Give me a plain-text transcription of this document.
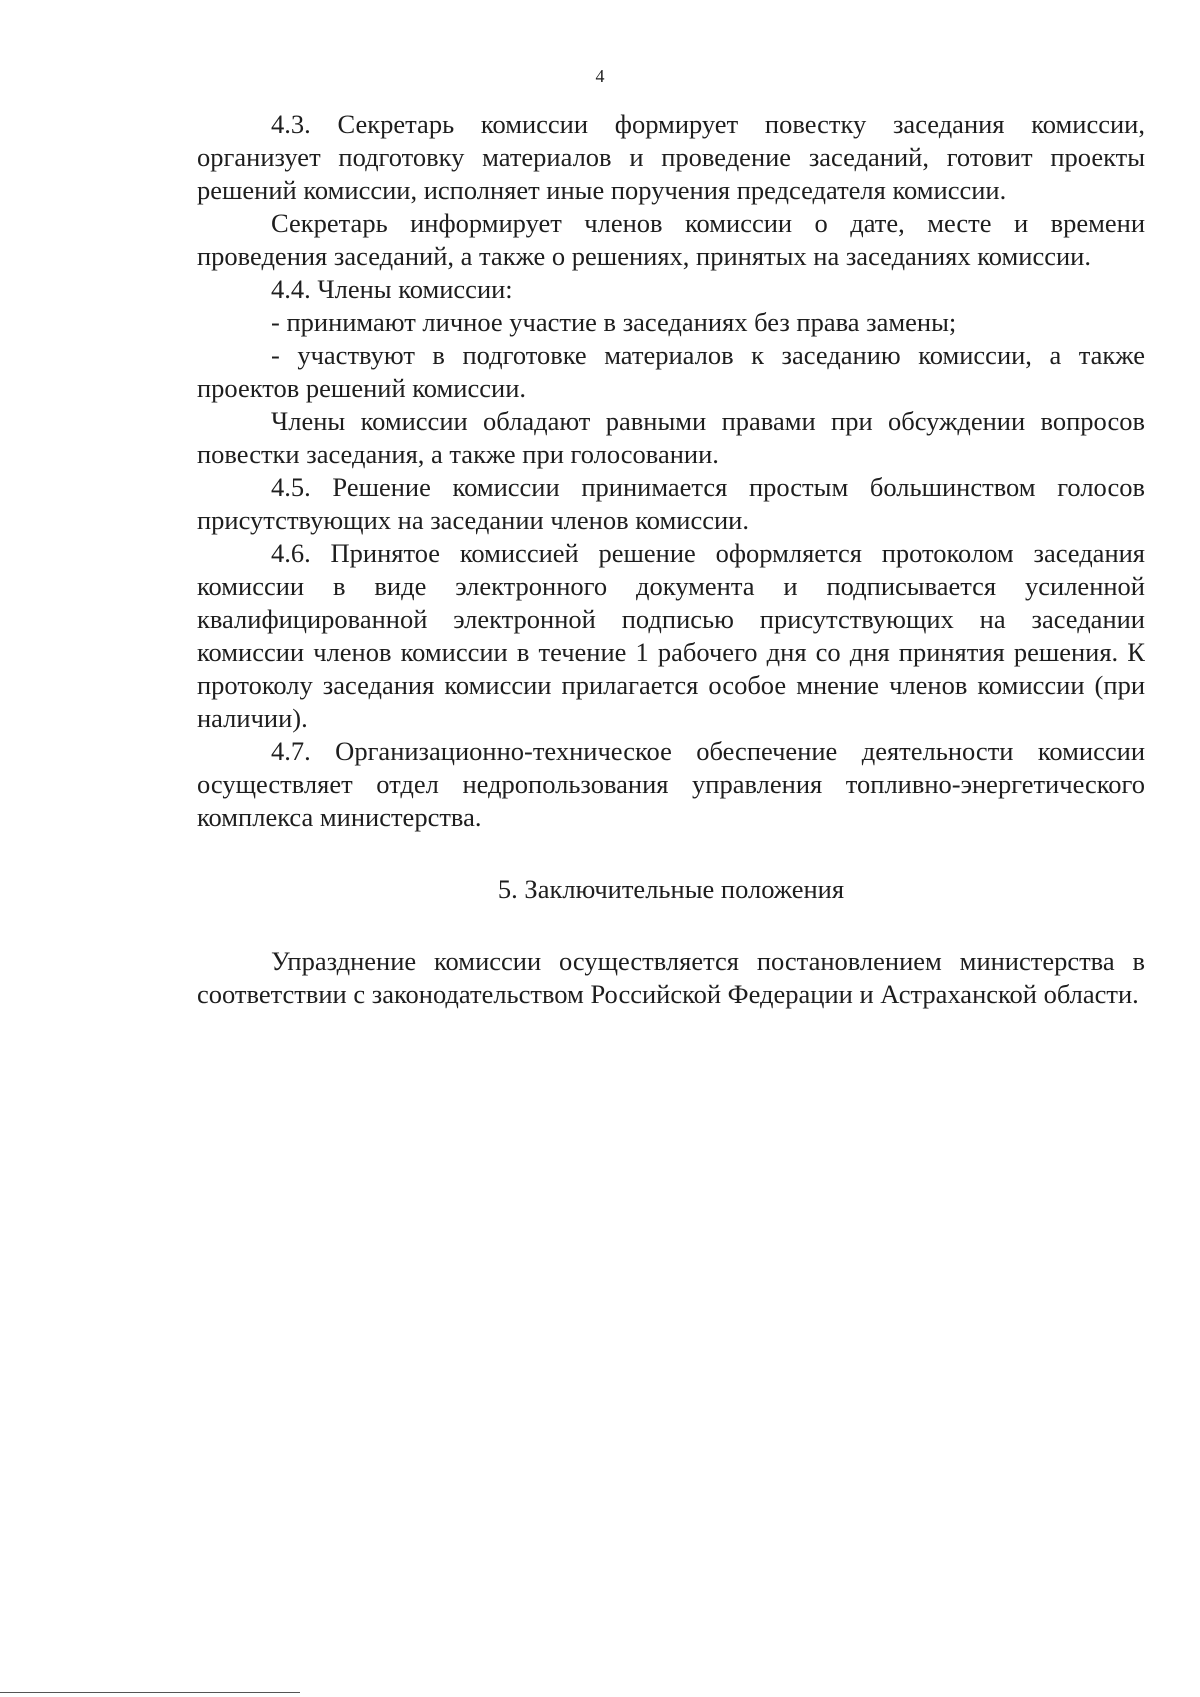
4

4.3. Секретарь комиссии формирует повестку заседания комиссии, организует подготовку материалов и проведение заседаний, готовит проекты решений комиссии, исполняет иные поручения председателя комиссии.

Секретарь информирует членов комиссии о дате, месте и времени проведения заседаний, а также о решениях, принятых на заседаниях комиссии.

4.4. Члены комиссии:

- принимают личное участие в заседаниях без права замены;

- участвуют в подготовке материалов к заседанию комиссии, а также проектов решений комиссии.

Члены комиссии обладают равными правами при обсуждении вопросов повестки заседания, а также при голосовании.

4.5. Решение комиссии принимается простым большинством голосов присутствующих на заседании членов комиссии.

4.6. Принятое комиссией решение оформляется протоколом заседания комиссии в виде электронного документа и подписывается усиленной квалифицированной электронной подписью присутствующих на заседании комиссии членов комиссии в течение 1 рабочего дня со дня принятия решения. К протоколу заседания комиссии прилагается особое мнение членов комиссии (при наличии).

4.7. Организационно-техническое обеспечение деятельности комиссии осуществляет отдел недропользования управления топливно-энергетического комплекса министерства.

5. Заключительные положения

Упразднение комиссии осуществляется постановлением министерства в соответствии с законодательством Российской Федерации и Астраханской области.
